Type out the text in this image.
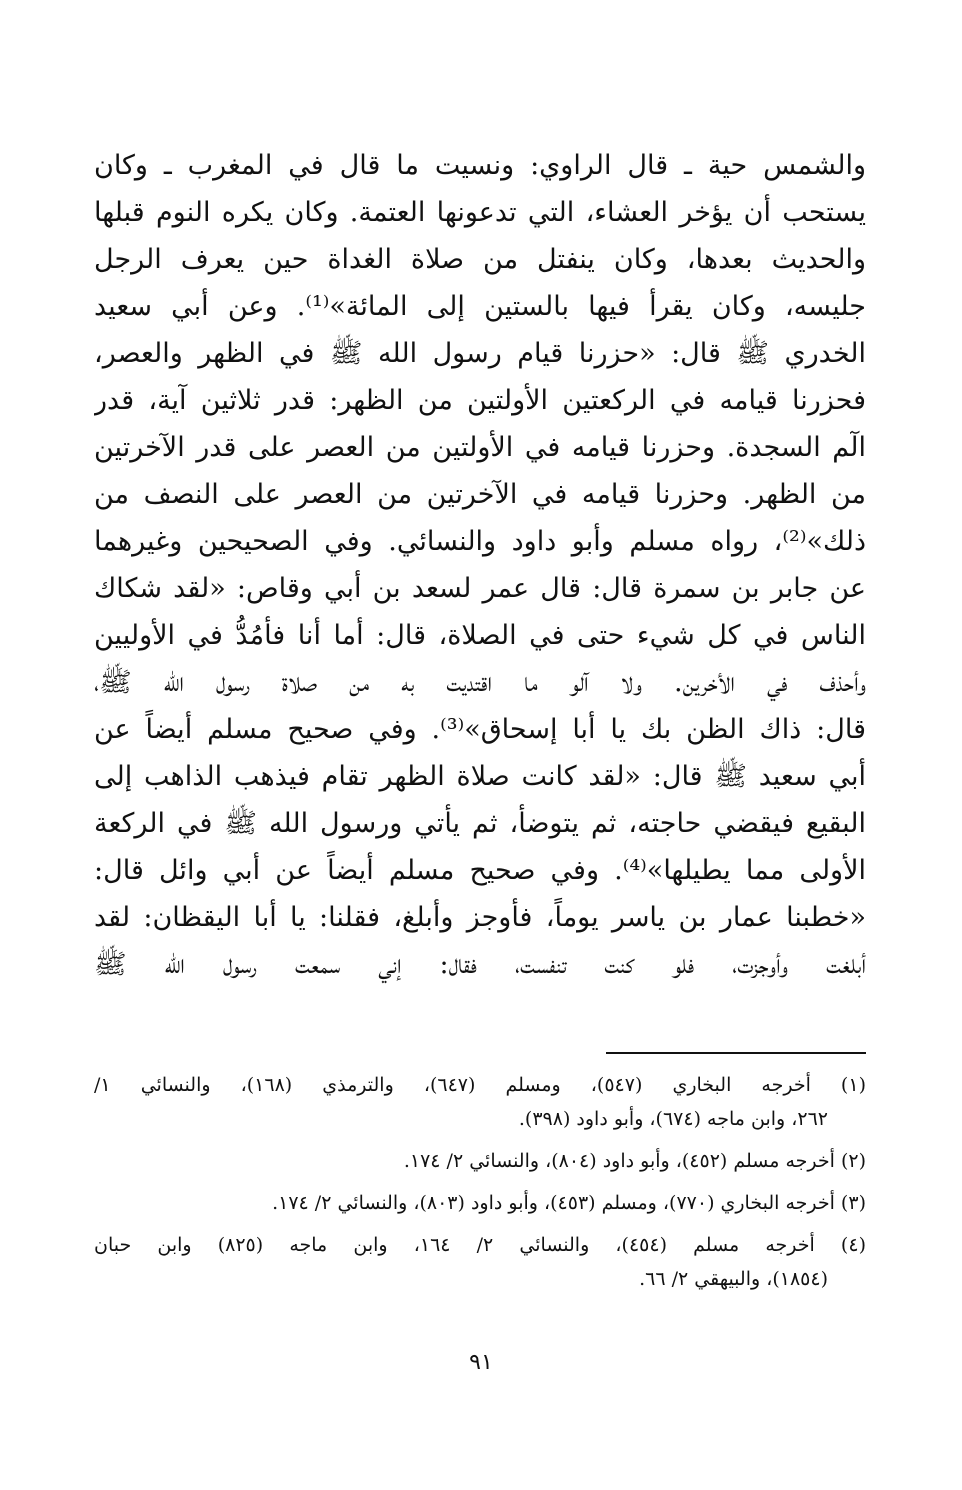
والشمس حية ـ قال الراوي: ونسيت ما قال في المغرب ـ وكان
يستحب أن يؤخر العشاء، التي تدعونها العتمة. وكان يكره النوم قبلها
والحديث بعدها، وكان ينفتل من صلاة الغداة حين يعرف الرجل
جليسه، وكان يقرأ فيها بالستين إلى المائة»⁽¹⁾. وعن أبي سعيد
الخدري ﷺ قال: «حزرنا قيام رسول الله ﷺ في الظهر والعصر،
فحزرنا قيامه في الركعتين الأولتين من الظهر: قدر ثلاثين آية، قدر
الٓم السجدة. وحزرنا قيامه في الأولتين من العصر على قدر الآخرتين
من الظهر. وحزرنا قيامه في الآخرتين من العصر على النصف من
ذلك»⁽²⁾، رواه مسلم وأبو داود والنسائي. وفي الصحيحين وغيرهما
عن جابر بن سمرة قال: قال عمر لسعد بن أبي وقاص: «لقد شكاك
الناس في كل شيء حتى في الصلاة، قال: أما أنا فأمُدُّ في الأوليين
وأحذف في الأخرين. ولا آلو ما اقتديت به من صلاة رسول الله ﷺ،
قال: ذاك الظن بك يا أبا إسحاق»⁽³⁾. وفي صحيح مسلم أيضاً عن
أبي سعيد ﷺ قال: «لقد كانت صلاة الظهر تقام فيذهب الذاهب إلى
البقيع فيقضي حاجته، ثم يتوضأ، ثم يأتي ورسول الله ﷺ في الركعة
الأولى مما يطيلها»⁽⁴⁾. وفي صحيح مسلم أيضاً عن أبي وائل قال:
«خطبنا عمار بن ياسر يوماً، فأوجز وأبلغ، فقلنا: يا أبا اليقظان: لقد
أبلغت وأوجزت، فلو كنت تنفست، فقال: إني سمعت رسول الله ﷺ
(١) أخرجه البخاري (٥٤٧)، ومسلم (٦٤٧)، والترمذي (١٦٨)، والنسائي ١/
٢٦٢، وابن ماجه (٦٧٤)، وأبو داود (٣٩٨).
(٢) أخرجه مسلم (٤٥٢)، وأبو داود (٨٠٤)، والنسائي ٢/ ١٧٤.
(٣) أخرجه البخاري (٧٧٠)، ومسلم (٤٥٣)، وأبو داود (٨٠٣)، والنسائي ٢/ ١٧٤.
(٤) أخرجه مسلم (٤٥٤)، والنسائي ٢/ ١٦٤، وابن ماجه (٨٢٥) وابن حبان
(١٨٥٤)، والبيهقي ٢/ ٦٦.
٩١
